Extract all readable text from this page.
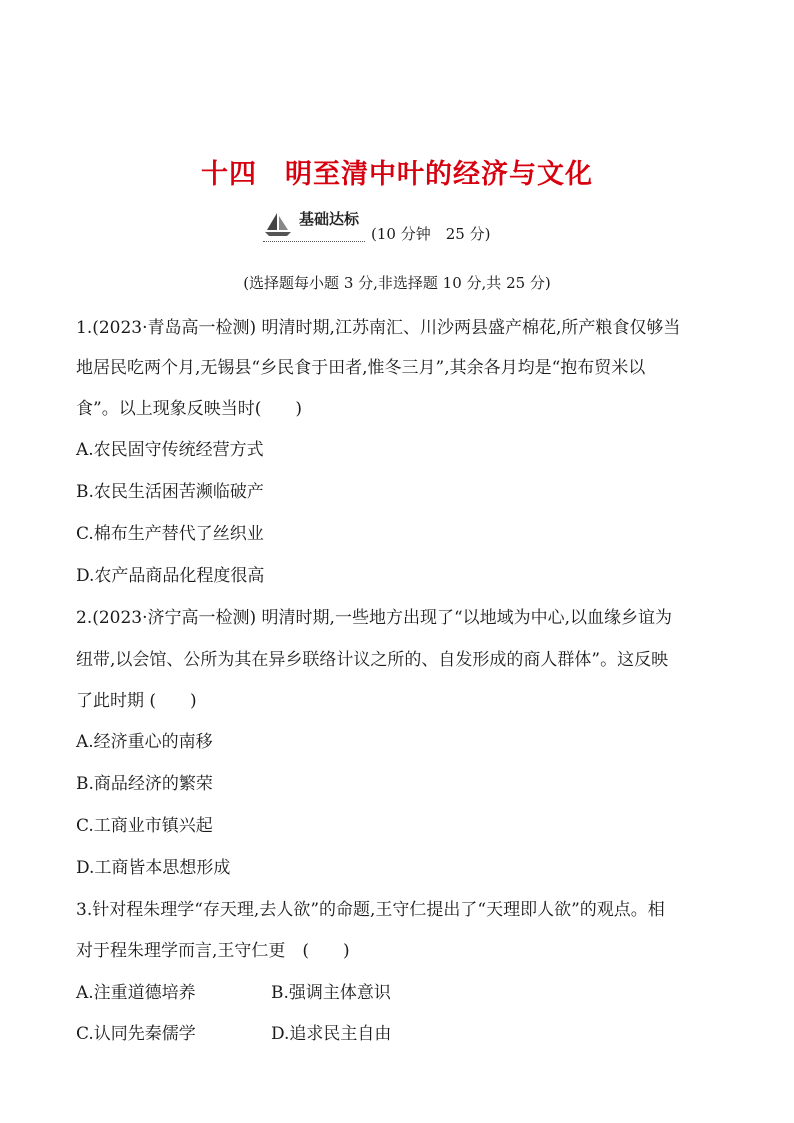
十四　明至清中叶的经济与文化
基础达标
(10 分钟　25 分)
(选择题每小题 3 分,非选择题 10 分,共 25 分)
1.(2023·青岛高一检测) 明清时期,江苏南汇、川沙两县盛产棉花,所产粮食仅够当
地居民吃两个月,无锡县“乡民食于田者,惟冬三月”,其余各月均是“抱布贸米以
食”。以上现象反映当时(　　)
A.农民固守传统经营方式
B.农民生活困苦濒临破产
C.棉布生产替代了丝织业
D.农产品商品化程度很高
2.(2023·济宁高一检测) 明清时期,一些地方出现了“以地域为中心,以血缘乡谊为
纽带,以会馆、公所为其在异乡联络计议之所的、自发形成的商人群体”。这反映
了此时期 (　　)
A.经济重心的南移
B.商品经济的繁荣
C.工商业市镇兴起
D.工商皆本思想形成
3.针对程朱理学“存天理,去人欲”的命题,王守仁提出了“天理即人欲”的观点。相
对于程朱理学而言,王守仁更　(　　)
A.注重道德培养	B.强调主体意识
C.认同先秦儒学	D.追求民主自由
